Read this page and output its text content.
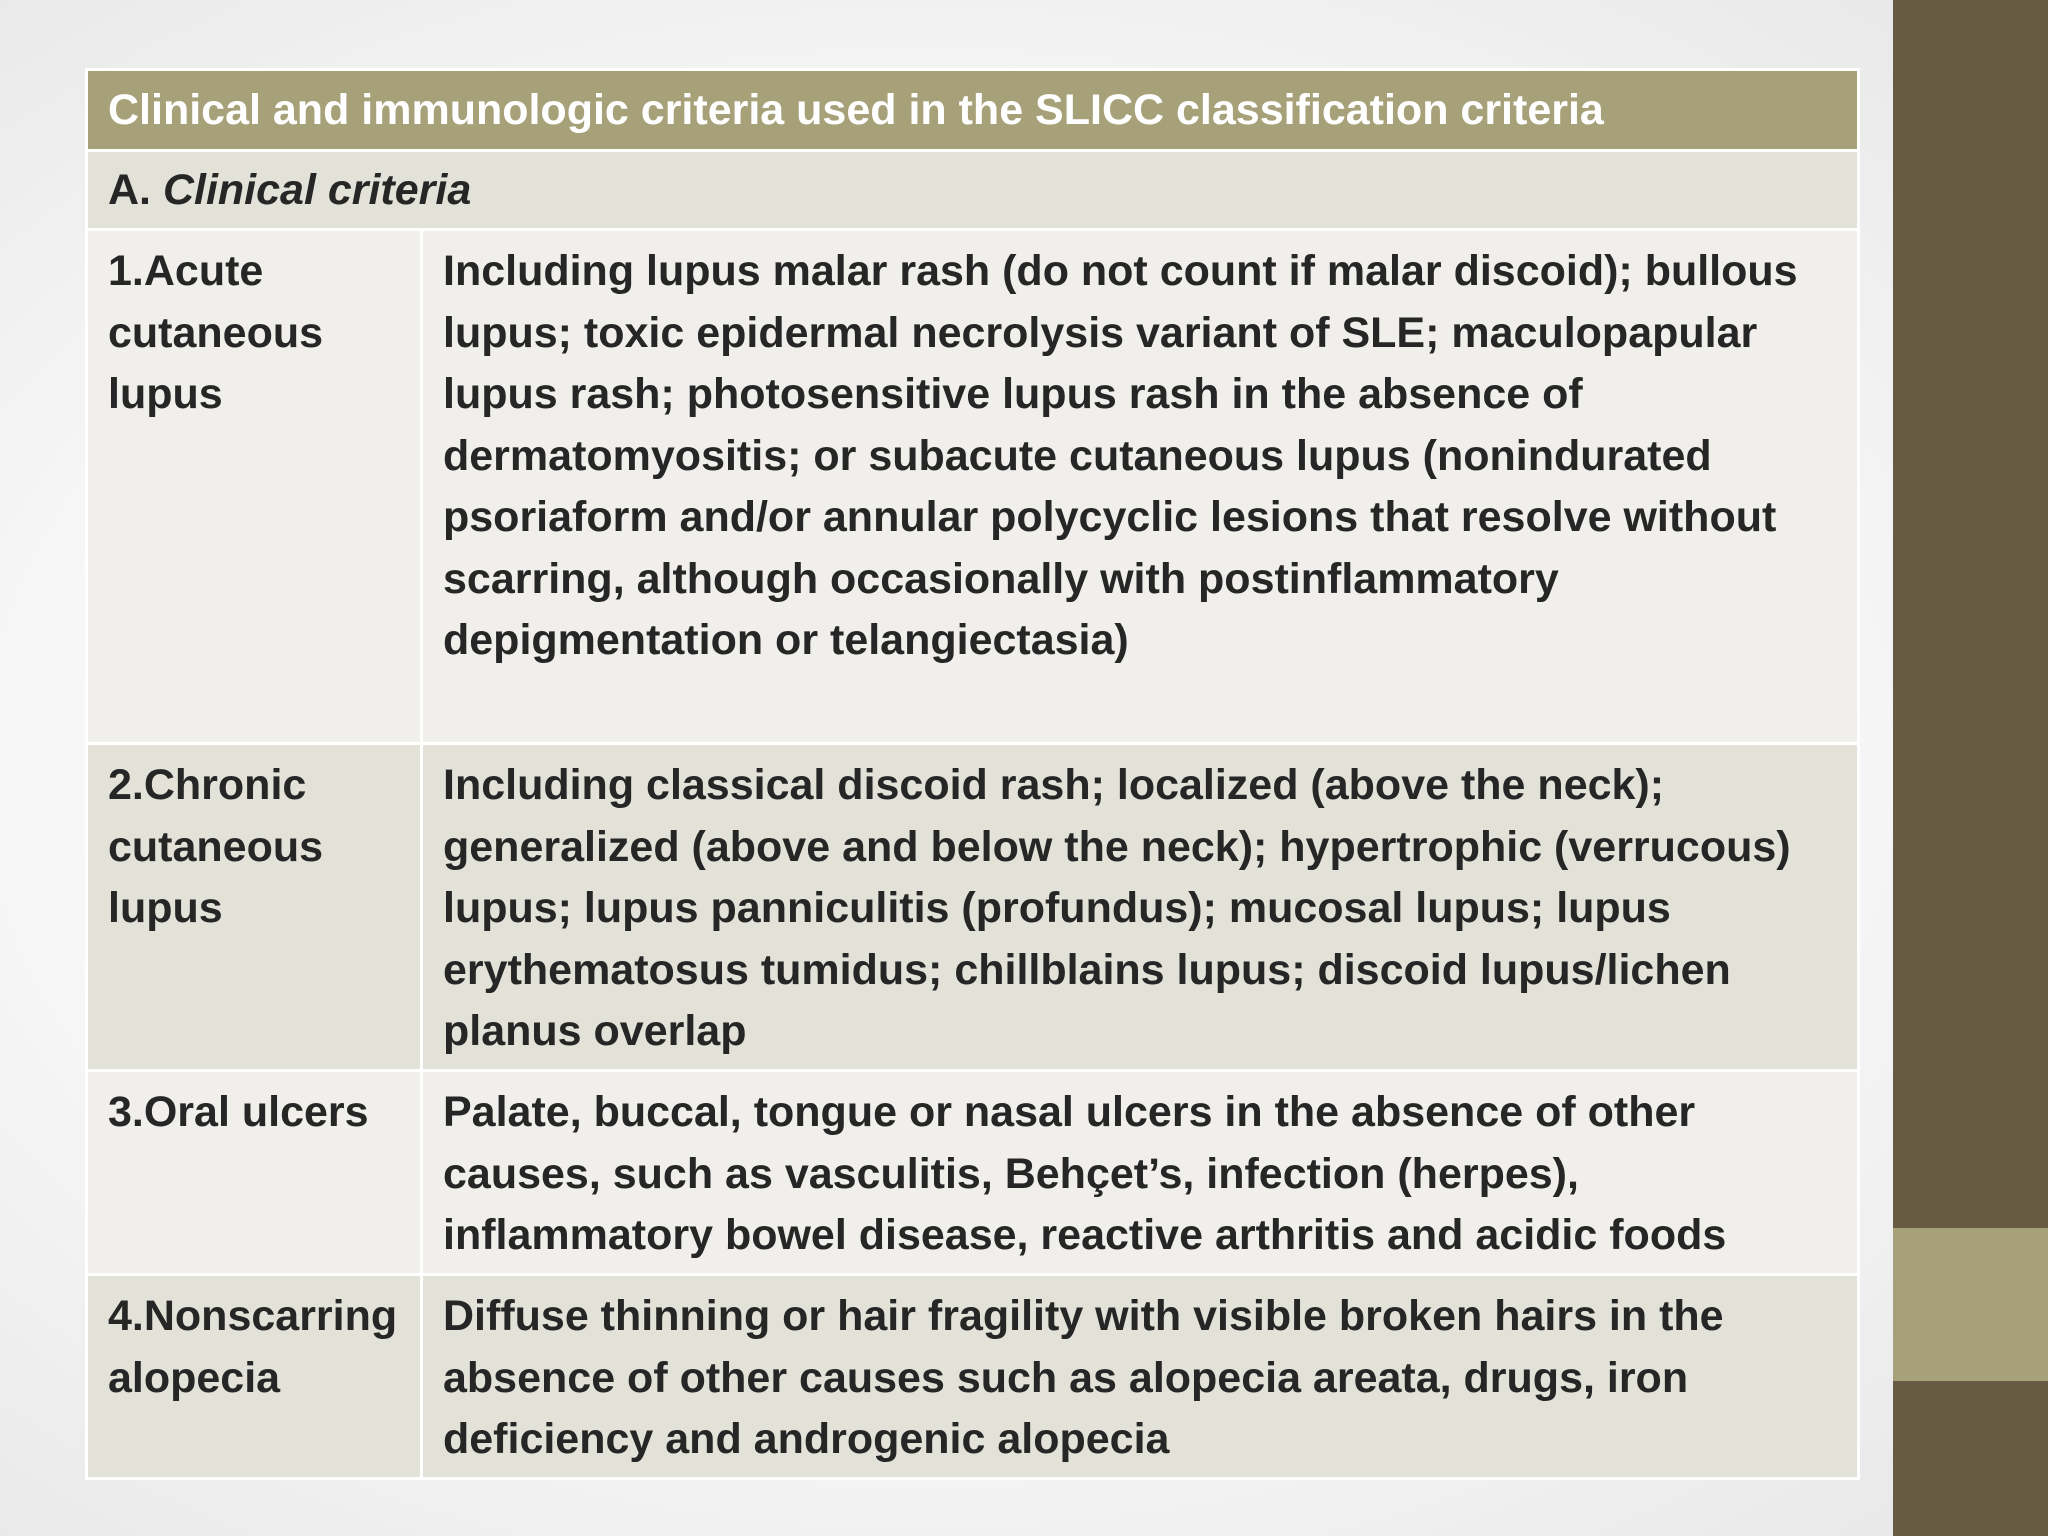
Clinical and immunologic criteria used in the SLICC classification criteria	
A. Clinical criteria	

1.Acute cutaneous lupus	Including lupus malar rash (do not count if malar discoid); bullous lupus; toxic epidermal necrolysis variant of SLE; maculopapular lupus rash; photosensitive lupus rash in the absence of dermatomyositis; or subacute cutaneous lupus (nonindurated psoriaform and/or annular polycyclic lesions that resolve without scarring, although occasionally with postinflammatory depigmentation or telangiectasia)

2.Chronic cutaneous lupus	Including classical discoid rash; localized (above the neck); generalized (above and below the neck); hypertrophic (verrucous) lupus; lupus panniculitis (profundus); mucosal lupus; lupus erythematosus tumidus; chillblains lupus; discoid lupus/lichen planus overlap

3.Oral ulcers	Palate, buccal, tongue or nasal ulcers in the absence of other causes, such as vasculitis, Behçet’s, infection (herpes), inflammatory bowel disease, reactive arthritis and acidic foods

4.Nonscarring alopecia	Diffuse thinning or hair fragility with visible broken hairs in the absence of other causes such as alopecia areata, drugs, iron deficiency and androgenic alopecia
